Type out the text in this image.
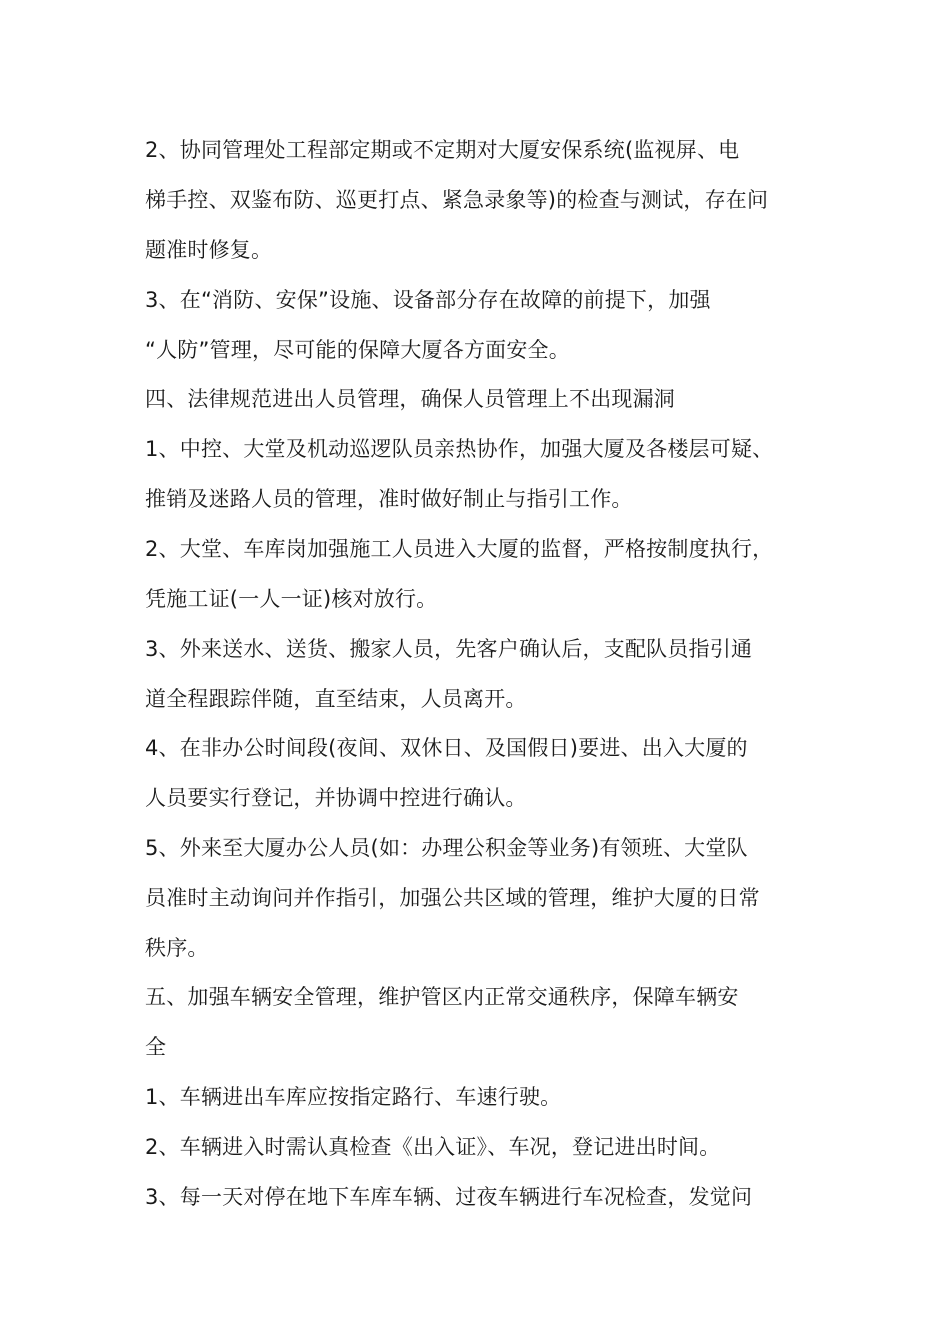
2、协同管理处工程部定期或不定期对大厦安保系统(监视屏、电
梯手控、双鉴布防、巡更打点、紧急录象等)的检查与测试，存在问
题准时修复。
3、在“消防、安保”设施、设备部分存在故障的前提下，加强
“人防”管理，尽可能的保障大厦各方面安全。
四、法律规范进出人员管理，确保人员管理上不出现漏洞
1、中控、大堂及机动巡逻队员亲热协作，加强大厦及各楼层可疑、
推销及迷路人员的管理，准时做好制止与指引工作。
2、大堂、车库岗加强施工人员进入大厦的监督，严格按制度执行，
凭施工证(一人一证)核对放行。
3、外来送水、送货、搬家人员，先客户确认后，支配队员指引通
道全程跟踪伴随，直至结束，人员离开。
4、在非办公时间段(夜间、双休日、及国假日)要进、出入大厦的
人员要实行登记，并协调中控进行确认。
5、外来至大厦办公人员(如：办理公积金等业务)有领班、大堂队
员准时主动询问并作指引，加强公共区域的管理，维护大厦的日常
秩序。
五、加强车辆安全管理，维护管区内正常交通秩序，保障车辆安
全
1、车辆进出车库应按指定路行、车速行驶。
2、车辆进入时需认真检查《出入证》、车况，登记进出时间。
3、每一天对停在地下车库车辆、过夜车辆进行车况检查，发觉问
